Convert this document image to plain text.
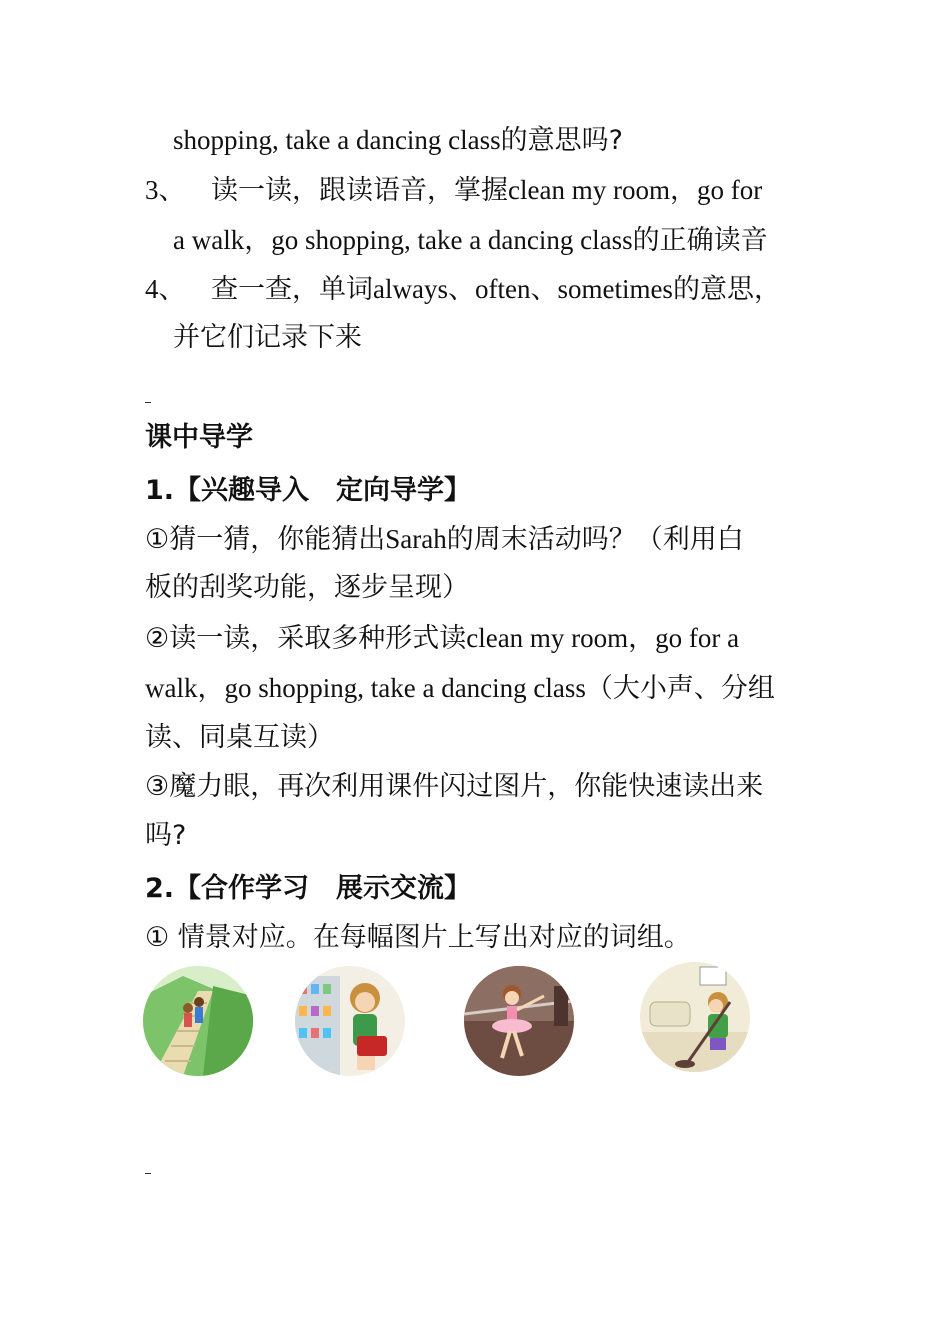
shopping, take a dancing class的意思吗?
3、 读一读，跟读语音，掌握clean my room，go for
a walk，go shopping, take a dancing class的正确读音
4、 查一查，单词always、often、sometimes的意思，
并它们记录下来
课中导学
1.【兴趣导入　定向导学】
①猜一猜，你能猜出Sarah的周末活动吗？（利用白
板的刮奖功能，逐步呈现）
②读一读，采取多种形式读clean my room，go for a
walk，go shopping, take a dancing class（大小声、分组
读、同桌互读）
③魔力眼，再次利用课件闪过图片，你能快速读出来
吗?
2.【合作学习　展示交流】
① 情景对应。在每幅图片上写出对应的词组。
